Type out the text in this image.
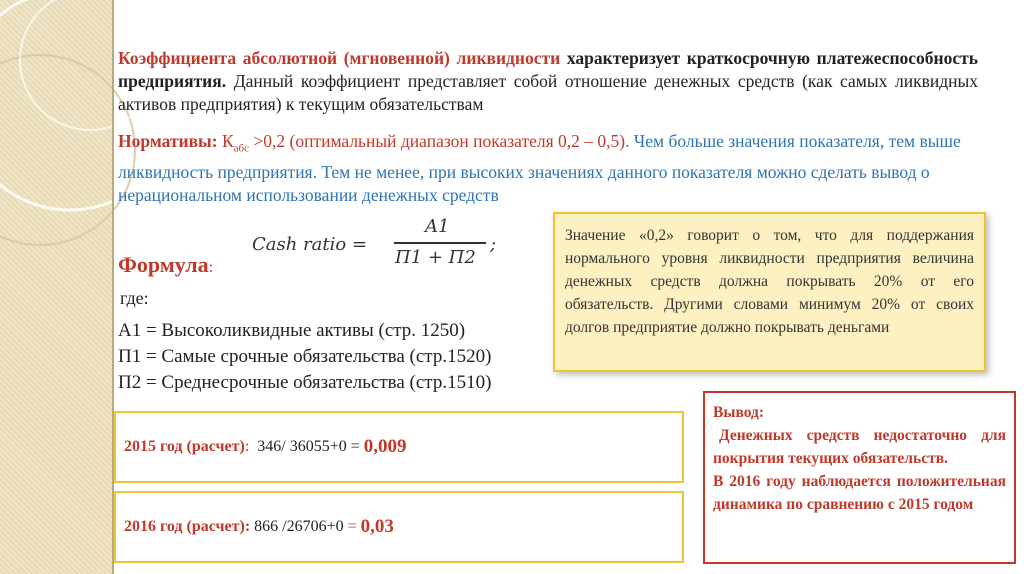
Коэффициента абсолютной (мгновенной) ликвидности характеризует краткосрочную платежеспособность предприятия. Данный коэффициент представляет собой отношение денежных средств (как самых ликвидных активов предприятия) к текущим обязательствам
Нормативы: $К_{абс} >0,2$ (оптимальный диапазон показателя 0,2 – 0,5). Чем больше значения показателя, тем выше ликвидность предприятия. Тем не менее, при высоких значениях данного показателя можно сделать вывод о нерациональном использовании денежных средств
Cash ratio =
A1
П1 + П2
;
Формула:
где:
А1 = Высоколиквидные активы (стр. 1250)
П1 = Самые срочные обязательства (стр.1520)
П2 = Среднесрочные обязательства (стр.1510)
Значение «0,2» говорит о том, что для поддержания нормального уровня ликвидности предприятия величина денежных средств должна покрывать 20% от его обязательств. Другими словами минимум 20% от своих долгов предприятие должно покрывать деньгами
2015 год (расчет) : 346/ 36055+0 = 0,009
2016 год (расчет): 866 /26706+0 = 0,03
Вывод:
Денежных средств недостаточно для покрытия текущих обязательств.
В 2016 году наблюдается положительная динамика по сравнению с 2015 годом
